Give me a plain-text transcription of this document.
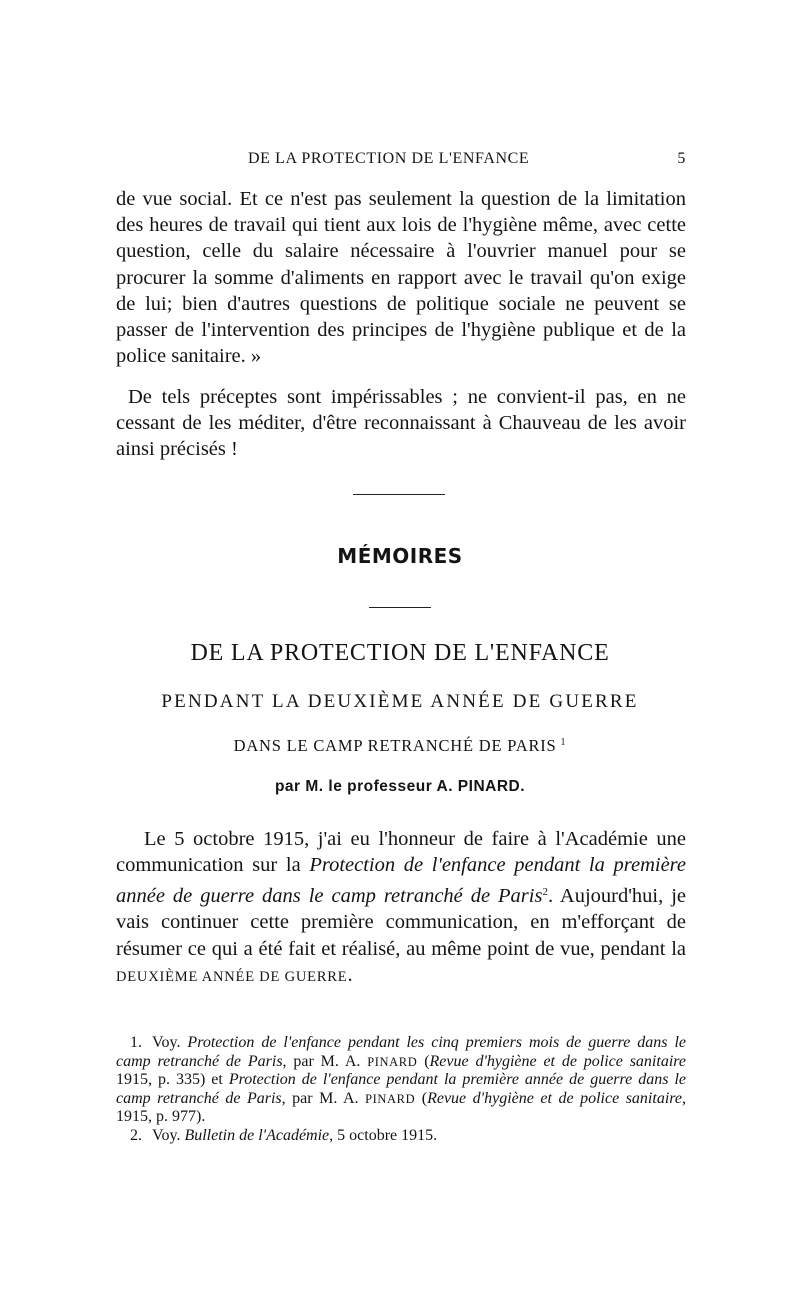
DE LA PROTECTION DE L'ENFANCE	5

de vue social. Et ce n'est pas seulement la question de la limitation des heures de travail qui tient aux lois de l'hygiène même, avec cette question, celle du salaire nécessaire à l'ouvrier manuel pour se procurer la somme d'aliments en rapport avec le travail qu'on exige de lui; bien d'autres questions de politique sociale ne peuvent se passer de l'intervention des principes de l'hygiène publique et de la police sanitaire. »

De tels préceptes sont impérissables ; ne convient-il pas, en ne cessant de les méditer, d'être reconnaissant à Chauveau de les avoir ainsi précisés !

MÉMOIRES
DE LA PROTECTION DE L'ENFANCE
PENDANT LA DEUXIÈME ANNÉE DE GUERRE
DANS LE CAMP RETRANCHÉ DE PARIS $^1$
par M. le professeur A. PINARD.

Le 5 octobre 1915, j'ai eu l'honneur de faire à l'Académie une communication sur la Protection de l'enfance pendant la première année de guerre dans le camp retranché de Paris$^2$. Aujourd'hui, je vais continuer cette première communication, en m'efforçant de résumer ce qui a été fait et réalisé, au même point de vue, pendant la DEUXIÈME ANNÉE DE GUERRE.

1. Voy. Protection de l'enfance pendant les cinq premiers mois de guerre dans le camp retranché de Paris, par M. A. PINARD (Revue d'hygiène et de police sanitaire 1915, p. 335) et Protection de l'enfance pendant la première année de guerre dans le camp retranché de Paris, par M. A. PINARD (Revue d'hygiène et de police sanitaire, 1915, p. 977).

2. Voy. Bulletin de l'Académie, 5 octobre 1915.
